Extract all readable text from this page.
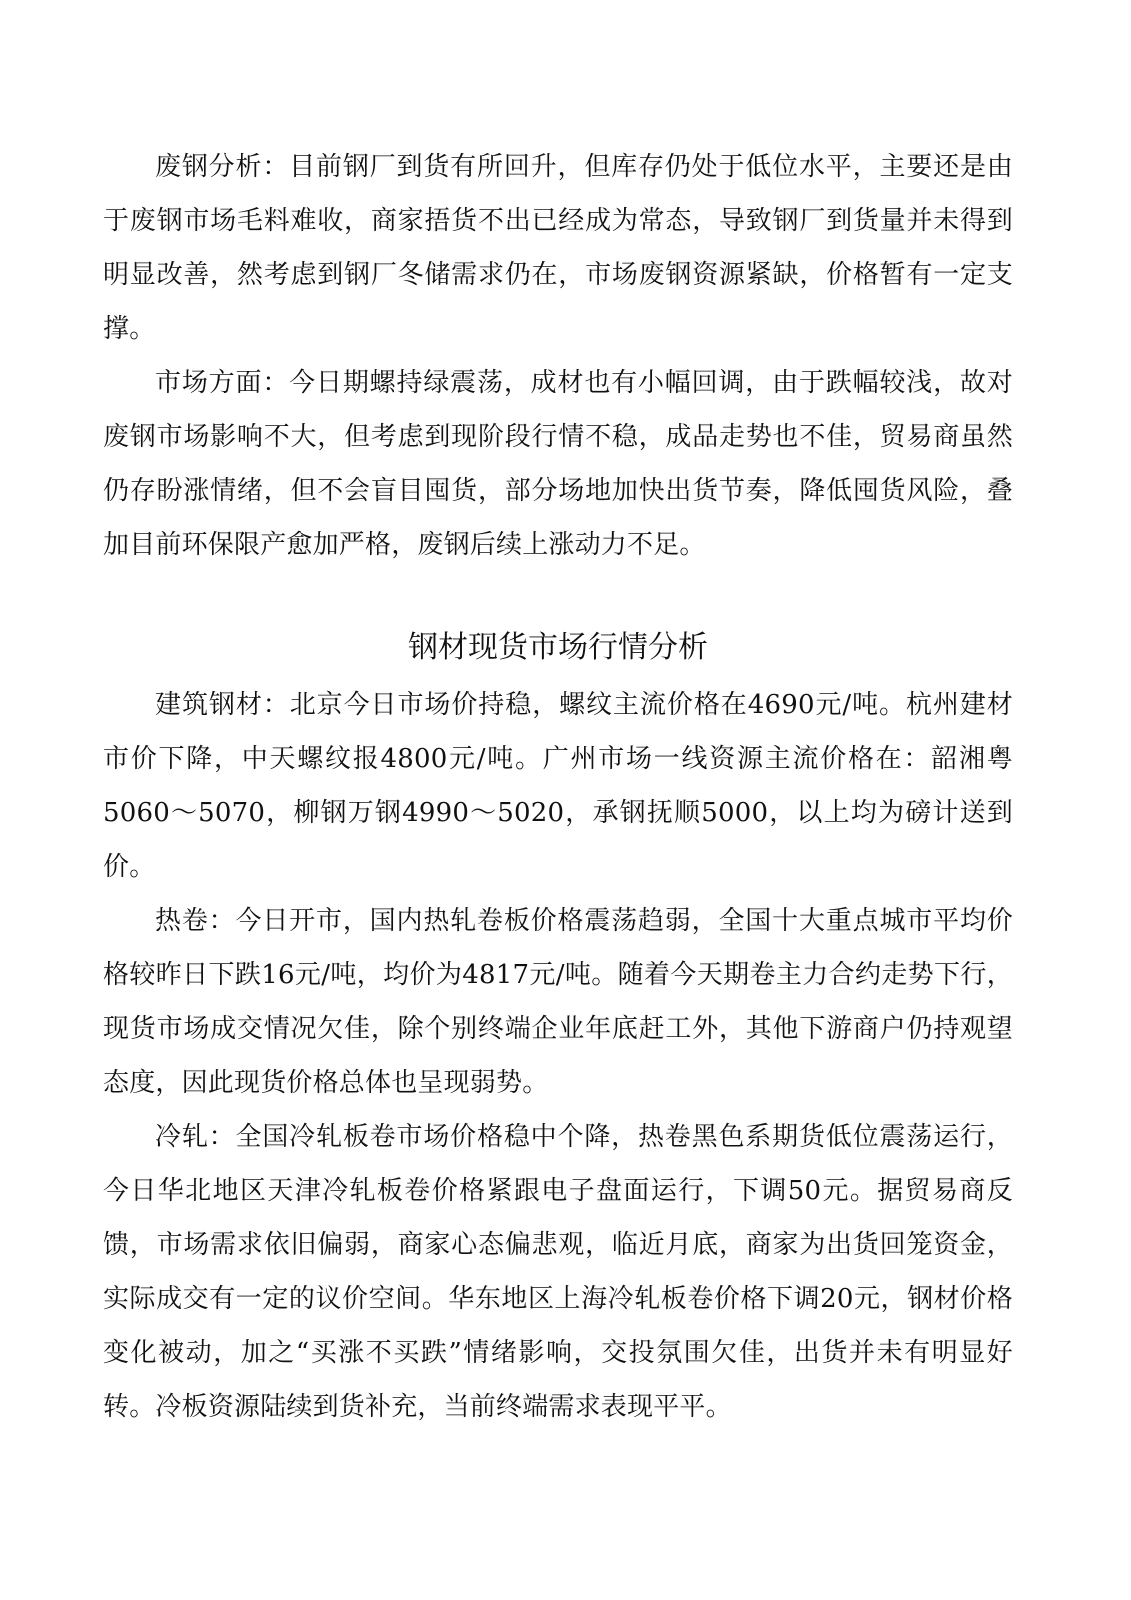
废钢分析：目前钢厂到货有所回升，但库存仍处于低位水平，主要还是由于废钢市场毛料难收，商家捂货不出已经成为常态，导致钢厂到货量并未得到明显改善，然考虑到钢厂冬储需求仍在，市场废钢资源紧缺，价格暂有一定支撑。

市场方面：今日期螺持绿震荡，成材也有小幅回调，由于跌幅较浅，故对废钢市场影响不大，但考虑到现阶段行情不稳，成品走势也不佳，贸易商虽然仍存盼涨情绪，但不会盲目囤货，部分场地加快出货节奏，降低囤货风险，叠加目前环保限产愈加严格，废钢后续上涨动力不足。

钢材现货市场行情分析

建筑钢材：北京今日市场价持稳，螺纹主流价格在4690元/吨。杭州建材市价下降，中天螺纹报4800元/吨。广州市场一线资源主流价格在：韶湘粤5060～5070，柳钢万钢4990～5020，承钢抚顺5000，以上均为磅计送到价。

热卷：今日开市，国内热轧卷板价格震荡趋弱，全国十大重点城市平均价格较昨日下跌16元/吨，均价为4817元/吨。随着今天期卷主力合约走势下行，现货市场成交情况欠佳，除个别终端企业年底赶工外，其他下游商户仍持观望态度，因此现货价格总体也呈现弱势。

冷轧：全国冷轧板卷市场价格稳中个降，热卷黑色系期货低位震荡运行，今日华北地区天津冷轧板卷价格紧跟电子盘面运行，下调50元。据贸易商反馈，市场需求依旧偏弱，商家心态偏悲观，临近月底，商家为出货回笼资金，实际成交有一定的议价空间。华东地区上海冷轧板卷价格下调20元，钢材价格变化被动，加之“买涨不买跌”情绪影响，交投氛围欠佳，出货并未有明显好转。冷板资源陆续到货补充，当前终端需求表现平平。
